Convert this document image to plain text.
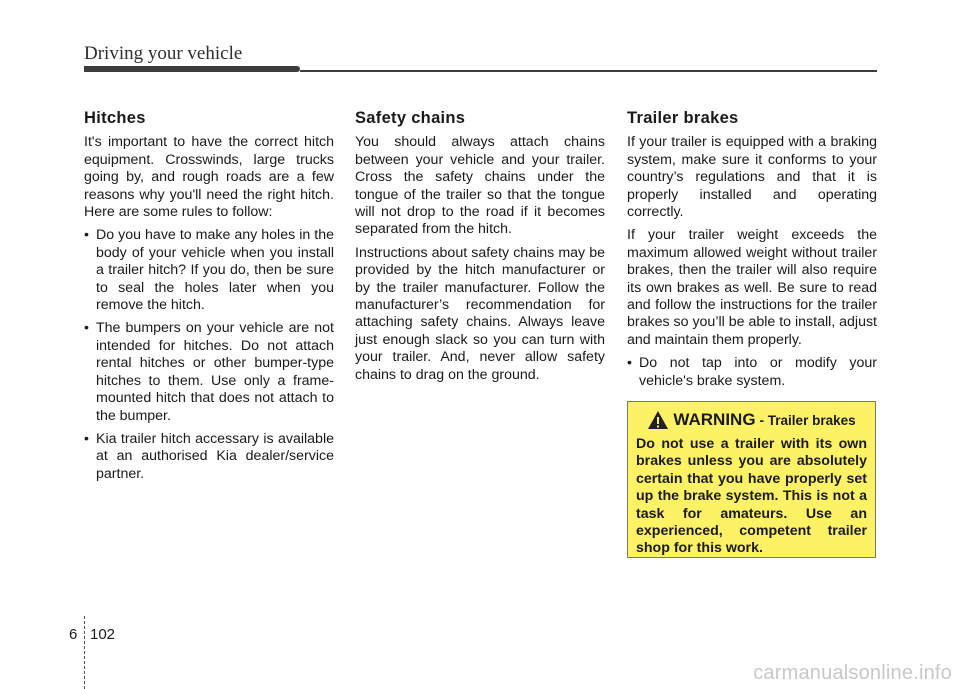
Driving your vehicle
Hitches

It's important to have the correct hitch equipment. Crosswinds, large trucks going by, and rough roads are a few reasons why you'll need the right hitch. Here are some rules to follow:

• Do you have to make any holes in the body of your vehicle when you install a trailer hitch? If you do, then be sure to seal the holes later when you remove the hitch.
• The bumpers on your vehicle are not intended for hitches. Do not attach rental hitches or other bumper-type hitches to them. Use only a frame-mounted hitch that does not attach to the bumper.
• Kia trailer hitch accessary is available at an authorised Kia dealer/service partner.
Safety chains

You should always attach chains between your vehicle and your trailer. Cross the safety chains under the tongue of the trailer so that the tongue will not drop to the road if it becomes separated from the hitch.

Instructions about safety chains may be provided by the hitch manufacturer or by the trailer manufacturer. Follow the manufacturer’s recommendation for attaching safety chains. Always leave just enough slack so you can turn with your trailer. And, never allow safety chains to drag on the ground.

Trailer brakes

If your trailer is equipped with a braking system, make sure it conforms to your country’s regulations and that it is properly installed and operating correctly.

If your trailer weight exceeds the maximum allowed weight without trailer brakes, then the trailer will also require its own brakes as well. Be sure to read and follow the instructions for the trailer brakes so you’ll be able to install, adjust and maintain them properly.

• Do not tap into or modify your vehicle's brake system.
WARNING - Trailer brakes

Do not use a trailer with its own brakes unless you are absolutely certain that you have properly set up the brake system. This is not a task for amateurs. Use an experienced, competent trailer shop for this work.

6 102
carmanualsonline.info
